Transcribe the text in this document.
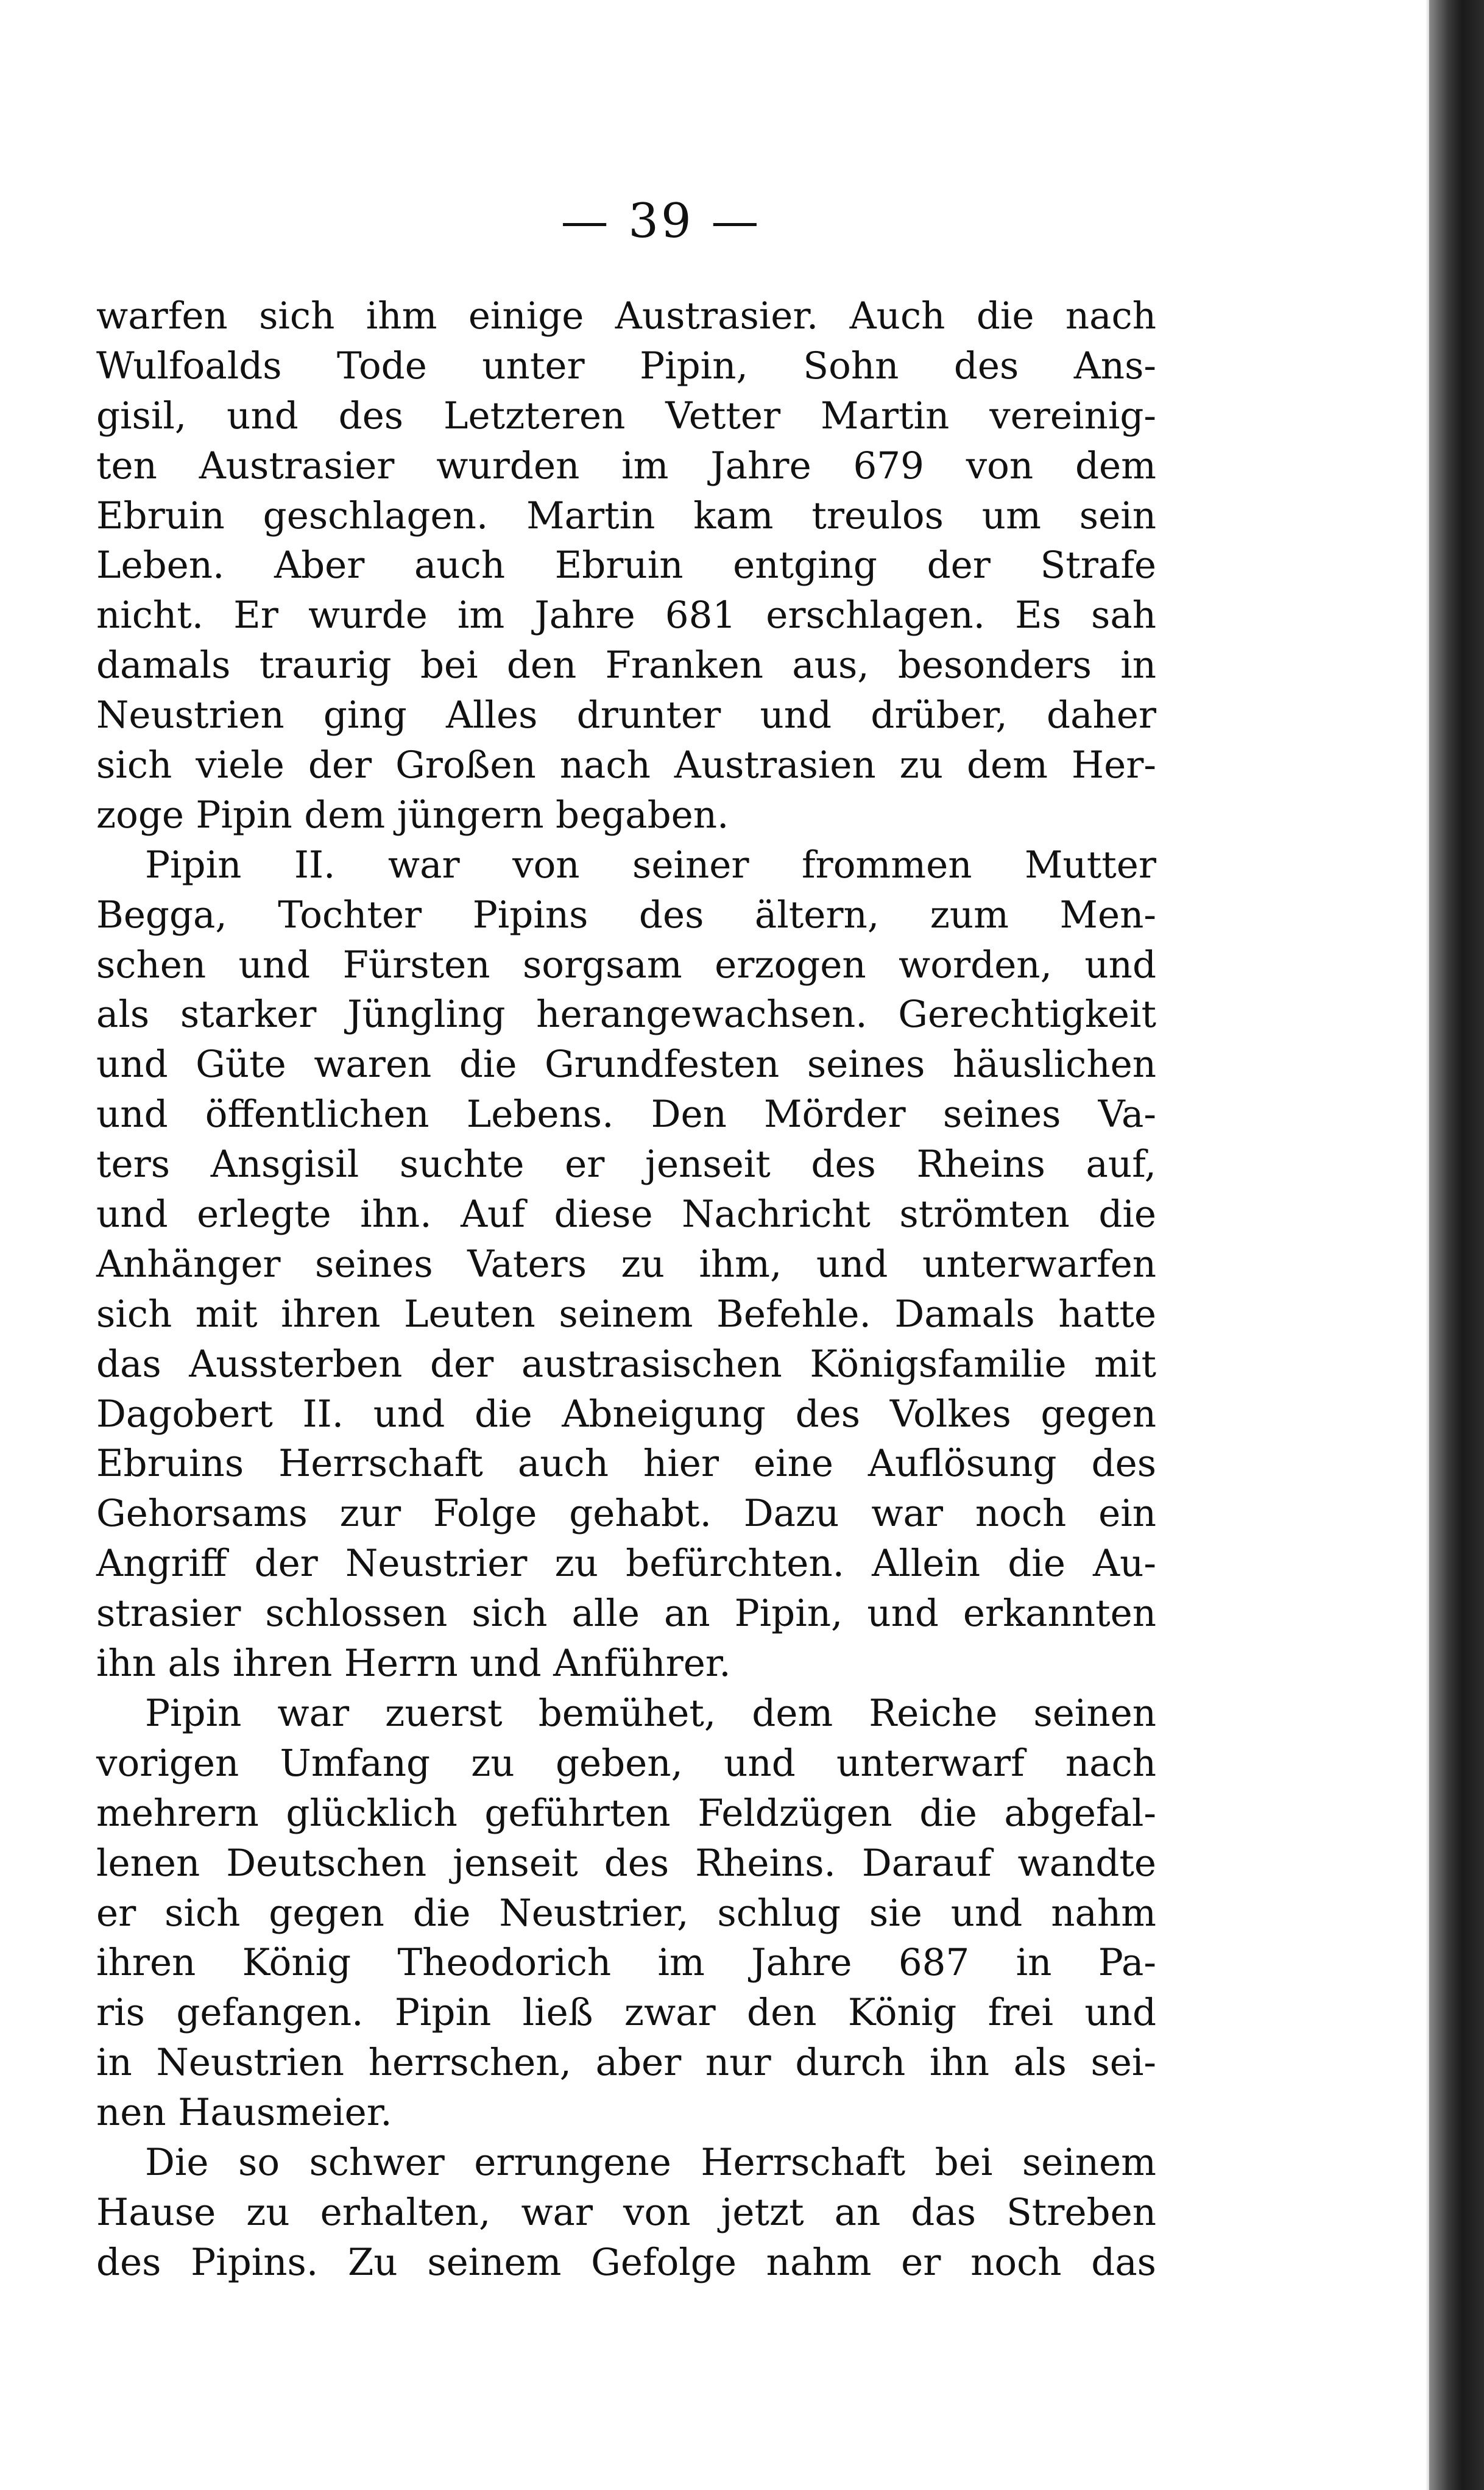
— 39 —
warfen sich ihm einige Austrasier. Auch die nach
Wulfoalds Tode unter Pipin, Sohn des Ans-
gisil, und des Letzteren Vetter Martin vereinig-
ten Austrasier wurden im Jahre 679 von dem
Ebruin geschlagen. Martin kam treulos um sein
Leben. Aber auch Ebruin entging der Strafe
nicht. Er wurde im Jahre 681 erschlagen. Es sah
damals traurig bei den Franken aus, besonders in
Neustrien ging Alles drunter und drüber, daher
sich viele der Großen nach Austrasien zu dem Her-
zoge Pipin dem jüngern begaben.
Pipin II. war von seiner frommen Mutter
Begga, Tochter Pipins des ältern, zum Men-
schen und Fürsten sorgsam erzogen worden, und
als starker Jüngling herangewachsen. Gerechtigkeit
und Güte waren die Grundfesten seines häuslichen
und öffentlichen Lebens. Den Mörder seines Va-
ters Ansgisil suchte er jenseit des Rheins auf,
und erlegte ihn. Auf diese Nachricht strömten die
Anhänger seines Vaters zu ihm, und unterwarfen
sich mit ihren Leuten seinem Befehle. Damals hatte
das Aussterben der austrasischen Königsfamilie mit
Dagobert II. und die Abneigung des Volkes gegen
Ebruins Herrschaft auch hier eine Auflösung des
Gehorsams zur Folge gehabt. Dazu war noch ein
Angriff der Neustrier zu befürchten. Allein die Au-
strasier schlossen sich alle an Pipin, und erkannten
ihn als ihren Herrn und Anführer.
Pipin war zuerst bemühet, dem Reiche seinen
vorigen Umfang zu geben, und unterwarf nach
mehrern glücklich geführten Feldzügen die abgefal-
lenen Deutschen jenseit des Rheins. Darauf wandte
er sich gegen die Neustrier, schlug sie und nahm
ihren König Theodorich im Jahre 687 in Pa-
ris gefangen. Pipin ließ zwar den König frei und
in Neustrien herrschen, aber nur durch ihn als sei-
nen Hausmeier.
Die so schwer errungene Herrschaft bei seinem
Hause zu erhalten, war von jetzt an das Streben
des Pipins. Zu seinem Gefolge nahm er noch das
